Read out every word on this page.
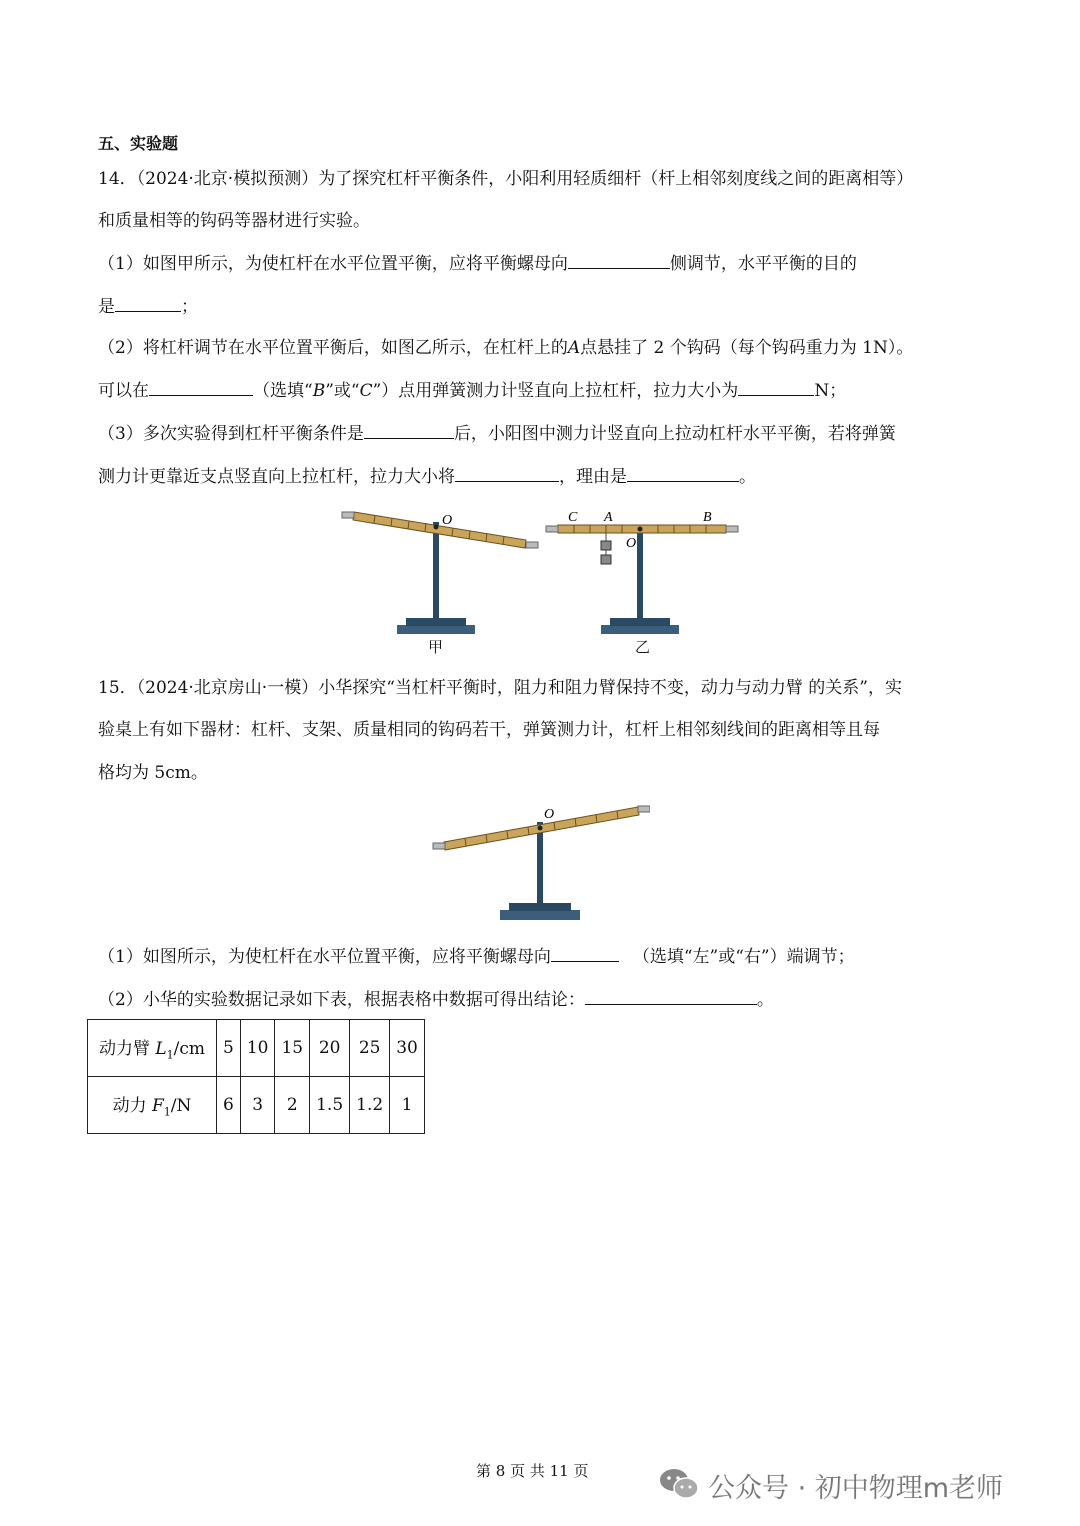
五、实验题
14．（2024·北京·模拟预测）为了探究杠杆平衡条件，小阳利用轻质细杆（杆上相邻刻度线之间的距离相等）
和质量相等的钩码等器材进行实验。
（1）如图甲所示，为使杠杆在水平位置平衡，应将平衡螺母向	侧调节，水平平衡的目的
是	；
（2）将杠杆调节在水平位置平衡后，如图乙所示，在杠杆上的A点悬挂了 2 个钩码（每个钩码重力为 1N）。
可以在	（选填“B”或“C”）点用弹簧测力计竖直向上拉杠杆，拉力大小为	N；
（3）多次实验得到杠杆平衡条件是	后，小阳图中测力计竖直向上拉动杠杆水平平衡，若将弹簧
测力计更靠近支点竖直向上拉杠杆，拉力大小将	，理由是	。
O	C A	B
O
甲	乙
15．（2024·北京房山·一模）小华探究“当杠杆平衡时，阻力和阻力臂保持不变，动力与动力臂 的关系”，实
验桌上有如下器材：杠杆、支架、质量相同的钩码若干，弹簧测力计，杠杆上相邻刻线间的距离相等且每
格均为 5cm。
O
（1）如图所示，为使杠杆在水平位置平衡，应将平衡螺母向	（选填“左”或“右”）端调节；
（2）小华的实验数据记录如下表，根据表格中数据可得出结论：	。
动力臂 $L_1/cm$	5	10	15	20	25	30
动力 $F_1/N$	6	3	2	1.5	1.2	1
第 8 页 共 11 页
公众号 · 初中物理m老师
